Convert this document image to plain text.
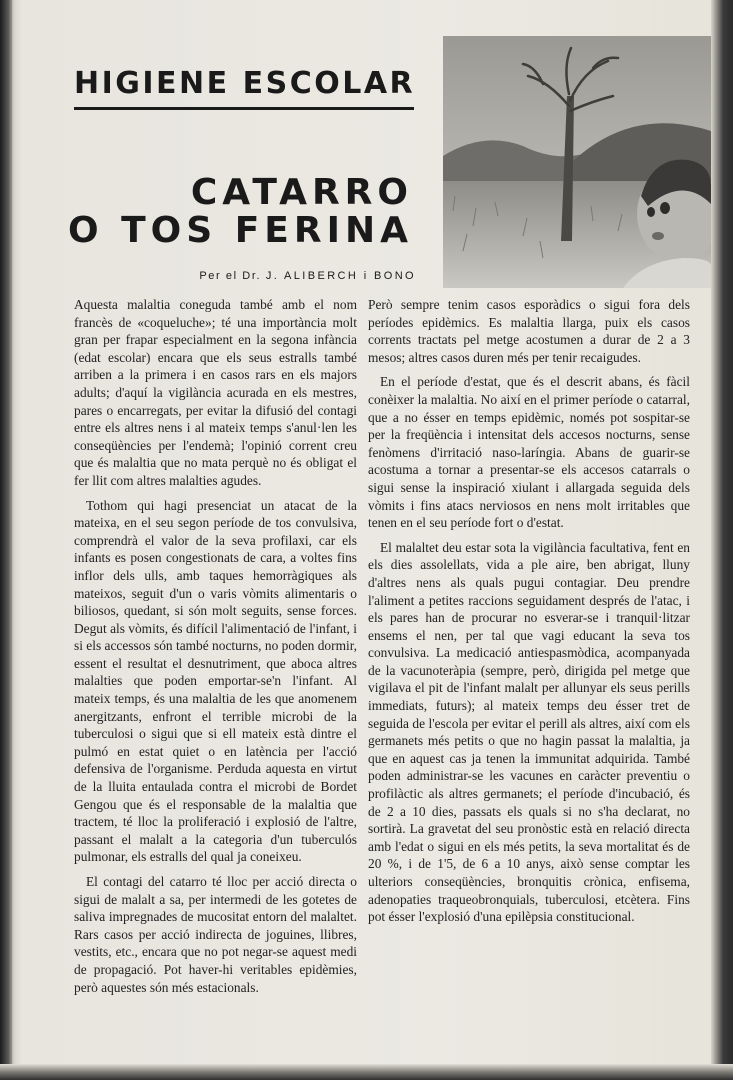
HIGIENE ESCOLAR
CATARRO
O TOS FERINA
Per el Dr. J. ALIBERCH i BONO

Aquesta malaltia coneguda també amb el nom francès de «coqueluche»; té una importància molt gran per frapar especialment en la segona infància (edat escolar) encara que els seus estralls també arriben a la primera i en casos rars en els majors adults; d'aquí la vigilància acurada en els mestres, pares o encarregats, per evitar la difusió del contagi entre els altres nens i al mateix temps s'anul·len les conseqüències per l'endemà; l'opinió corrent creu que és malaltia que no mata perquè no és obligat el fer llit com altres malalties agudes.

Tothom qui hagi presenciat un atacat de la mateixa, en el seu segon període de tos convulsiva, comprendrà el valor de la seva profilaxi, car els infants es posen congestionats de cara, a voltes fins inflor dels ulls, amb taques hemorràgiques als mateixos, seguit d'un o varis vòmits alimentaris o biliosos, quedant, si són molt seguits, sense forces. Degut als vòmits, és difícil l'alimentació de l'infant, i si els accessos són també nocturns, no poden dormir, essent el resultat el desnutriment, que aboca altres malalties que poden emportar-se'n l'infant. Al mateix temps, és una malaltia de les que anomenem anergitzants, enfront el terrible microbi de la tuberculosi o sigui que si ell mateix està dintre el pulmó en estat quiet o en latència per l'acció defensiva de l'organisme. Perduda aquesta en virtut de la lluita entaulada contra el microbi de Bordet Gengou que és el responsable de la malaltia que tractem, té lloc la proliferació i explosió de l'altre, passant el malalt a la categoria d'un tuberculós pulmonar, els estralls del qual ja coneixeu.

El contagi del catarro té lloc per acció directa o sigui de malalt a sa, per intermedi de les gotetes de saliva impregnades de mucositat entorn del malaltet. Rars casos per acció indirecta de joguines, llibres, vestits, etc., encara que no pot negar-se aquest medi de propagació. Pot haver-hi veritables epidèmies, però aquestes són més estacionals.

Però sempre tenim casos esporàdics o sigui fora dels períodes epidèmics. Es malaltia llarga, puix els casos corrents tractats pel metge acostumen a durar de 2 a 3 mesos; altres casos duren més per tenir recaigudes.

En el període d'estat, que és el descrit abans, és fàcil conèixer la malaltia. No així en el primer període o catarral, que a no ésser en temps epidèmic, només pot sospitar-se per la freqüència i intensitat dels accesos nocturns, sense fenòmens d'irritació naso-laríngia. Abans de guarir-se acostuma a tornar a presentar-se els accesos catarrals o sigui sense la inspiració xiulant i allargada seguida dels vòmits i fins atacs nerviosos en nens molt irritables que tenen en el seu període fort o d'estat.

El malaltet deu estar sota la vigilància facultativa, fent en els dies assolellats, vida a ple aire, ben abrigat, lluny d'altres nens als quals pugui contagiar. Deu prendre l'aliment a petites raccions seguidament després de l'atac, i els pares han de procurar no esverar-se i tranquil·litzar ensems el nen, per tal que vagi educant la seva tos convulsiva. La medicació antiespasmòdica, acompanyada de la vacunoteràpia (sempre, però, dirigida pel metge que vigilava el pit de l'infant malalt per allunyar els seus perills immediats, futurs); al mateix temps deu ésser tret de seguida de l'escola per evitar el perill als altres, així com els germanets més petits o que no hagin passat la malaltia, ja que en aquest cas ja tenen la immunitat adquirida. També poden administrar-se les vacunes en caràcter preventiu o profilàctic als altres germanets; el període d'incubació, és de 2 a 10 dies, passats els quals si no s'ha declarat, no sortirà. La gravetat del seu pronòstic està en relació directa amb l'edat o sigui en els més petits, la seva mortalitat és de 20 %, i de 1'5, de 6 a 10 anys, això sense comptar les ulteriors conseqüències, bronquitis crònica, enfisema, adenopaties traqueobronquials, tuberculosi, etcètera. Fins pot ésser l'explosió d'una epilèpsia constitucional.
